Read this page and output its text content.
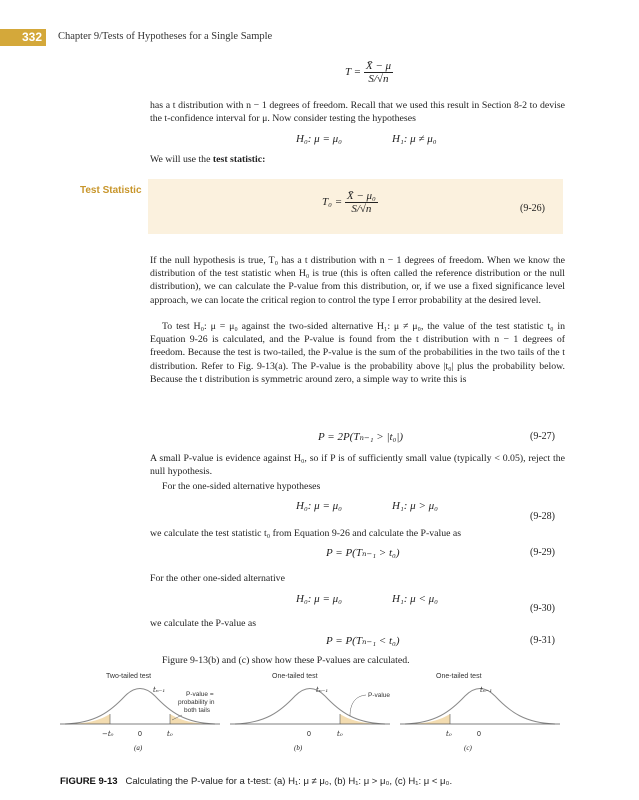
332	Chapter 9/Tests of Hypotheses for a Single Sample
$T = \frac{X̄ - \mu}{S/√n}$
has a t distribution with n − 1 degrees of freedom. Recall that we used this result in Section 8-2 to devise the t-confidence interval for μ. Now consider testing the hypotheses
H₀: μ = μ₀	H₁: μ ≠ μ₀
We will use the test statistic:
Test Statistic
$T_0 = \frac{\text{X̄ − μ₀}}{S/√n}$	(9-26)
If the null hypothesis is true, T₀ has a t distribution with n − 1 degrees of freedom. When we know the distribution of the test statistic when H₀ is true (this is often called the reference distribution or the null distribution), we can calculate the P-value from this distribution, or, if we use a fixed significance level approach, we can locate the critical region to control the type I error probability at the desired level.
To test H₀: μ = μ₀ against the two-sided alternative H₁: μ ≠ μ₀, the value of the test statistic t₀ in Equation 9-26 is calculated, and the P-value is found from the t distribution with n − 1 degrees of freedom. Because the test is two-tailed, the P-value is the sum of the probabilities in the two tails of the t distribution. Refer to Fig. 9-13(a). The P-value is the probability above |t₀| plus the probability below. Because the t distribution is symmetric around zero, a simple way to write this is
P = 2P(Tₙ₋₁ > |t₀|)	(9-27)
A small P-value is evidence against H₀, so if P is of sufficiently small value (typically < 0.05), reject the null hypothesis.
For the one-sided alternative hypotheses
H₀: μ = μ₀	H₁: μ > μ₀
(9-28)
we calculate the test statistic t₀ from Equation 9-26 and calculate the P-value as
P = P(Tₙ₋₁ > t₀)	(9-29)
For the other one-sided alternative
H₀: μ = μ₀	H₁: μ < μ₀
(9-30)
we calculate the P-value as
P = P(Tₙ₋₁ < t₀)	(9-31)
Figure 9-13(b) and (c) show how these P-values are calculated.
Two-tailed test
tₙ₋₁
P-value =
probability in
both tails
−t₀	0	t₀
(a)
One-tailed test
tₙ₋₁
P-value
0	t₀
(b)
One-tailed test
tₙ₋₁
t₀	0
(c)
FIGURE 9-13 Calculating the P-value for a t-test: (a) H₁: μ ≠ μ₀, (b) H₁: μ > μ₀, (c) H₁: μ < μ₀.
